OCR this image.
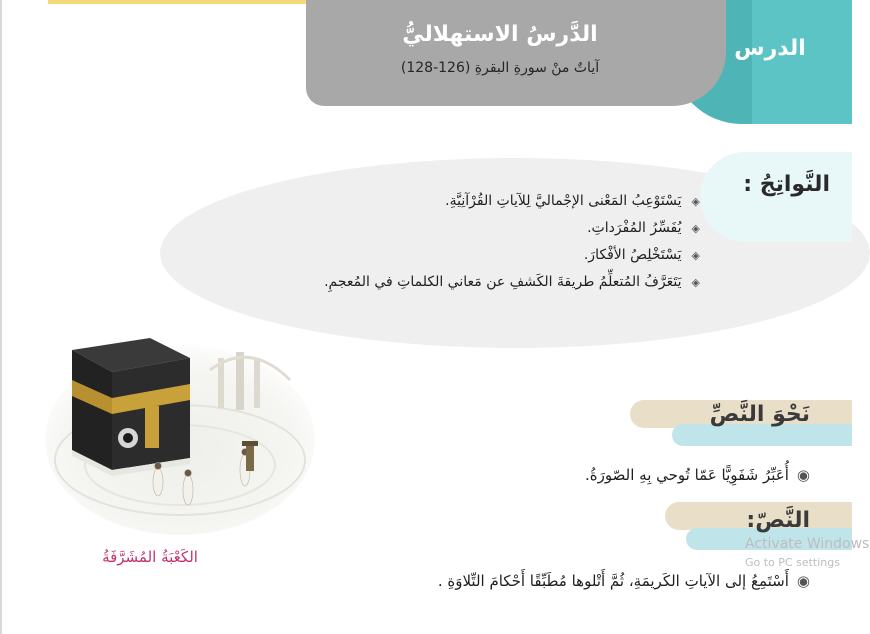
الدرس
الدَّرسُ الاستهلاليُّ
آياتٌ منْ سورةِ البقرةِ (126-128)
النَّواتِجُ :
◈يَسْتَوْعِبُ المَعْنى الإجْماليَّ لِلآياتِ القُرْآنِيَّةِ.
◈يُفَسِّرُ المُفْرَداتِ.
◈يَسْتَخْلِصُ الأفْكارَ.
◈يَتَعَرَّفُ المُتعلِّمُ طريقةَ الكَشفِ عن مَعاني الكلماتِ في المُعجمِ.
الكَعْبَةُ المُشَرَّفَةُ
نَحْوَ النَّصِّ
◉أُعَبِّرُ شَفَوِيًّا عَمّا تُوحي بِهِ الصّورَةُ.
النَّصّ:
◉أَسْتَمِعُ إلى الآياتِ الكَريمَةِ، ثُمَّ أَتْلوها مُطَبِّقًا أَحْكامَ التِّلاوَةِ .
Activate Windows
Go to PC settings
